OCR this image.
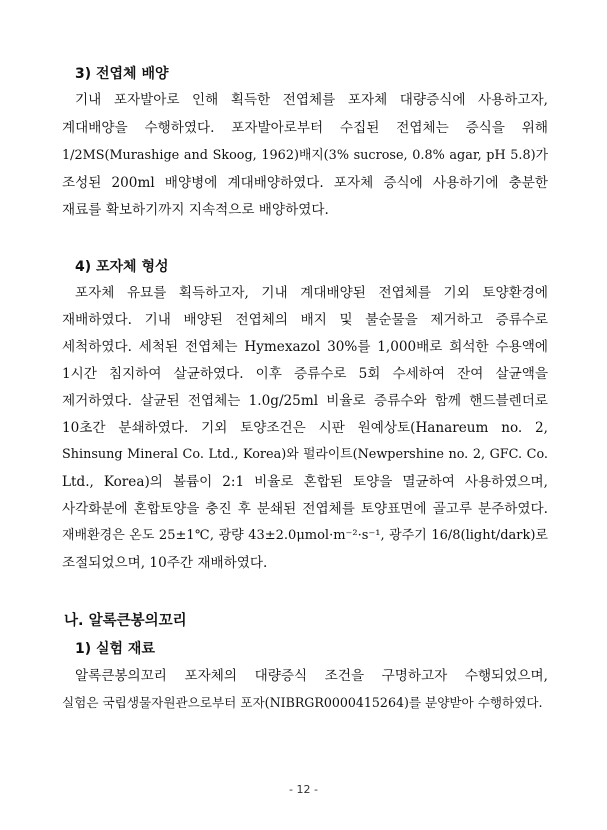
3) 전엽체 배양
기내 포자발아로 인해 획득한 전엽체를 포자체 대량증식에 사용하고자,
계대배양을 수행하였다. 포자발아로부터 수집된 전엽체는 증식을 위해
1/2MS(Murashige and Skoog, 1962)배지(3% sucrose, 0.8% agar, pH 5.8)가
조성된 200ml 배양병에 계대배양하였다. 포자체 증식에 사용하기에 충분한
재료를 확보하기까지 지속적으로 배양하였다.
4) 포자체 형성
포자체 유묘를 획득하고자, 기내 계대배양된 전엽체를 기외 토양환경에
재배하였다. 기내 배양된 전엽체의 배지 및 불순물을 제거하고 증류수로
세척하였다. 세척된 전엽체는 Hymexazol 30%를 1,000배로 희석한 수용액에
1시간 침지하여 살균하였다. 이후 증류수로 5회 수세하여 잔여 살균액을
제거하였다. 살균된 전엽체는 1.0g/25ml 비율로 증류수와 함께 핸드블렌더로
10초간 분쇄하였다. 기외 토양조건은 시판 원예상토(Hanareum no. 2,
Shinsung Mineral Co. Ltd., Korea)와 펄라이트(Newpershine no. 2, GFC. Co.
Ltd., Korea)의 볼륨이 2:1 비율로 혼합된 토양을 멸균하여 사용하였으며,
사각화분에 혼합토양을 충진 후 분쇄된 전엽체를 토양표면에 골고루 분주하였다.
재배환경은 온도 25±1℃, 광량 43±2.0μmol·m⁻²·s⁻¹, 광주기 16/8(light/dark)로
조절되었으며, 10주간 재배하였다.
나. 알록큰봉의꼬리
1) 실험 재료
알록큰봉의꼬리 포자체의 대량증식 조건을 구명하고자 수행되었으며,
실험은 국립생물자원관으로부터 포자(NIBRGR0000415264)를 분양받아 수행하였다.
- 12 -
